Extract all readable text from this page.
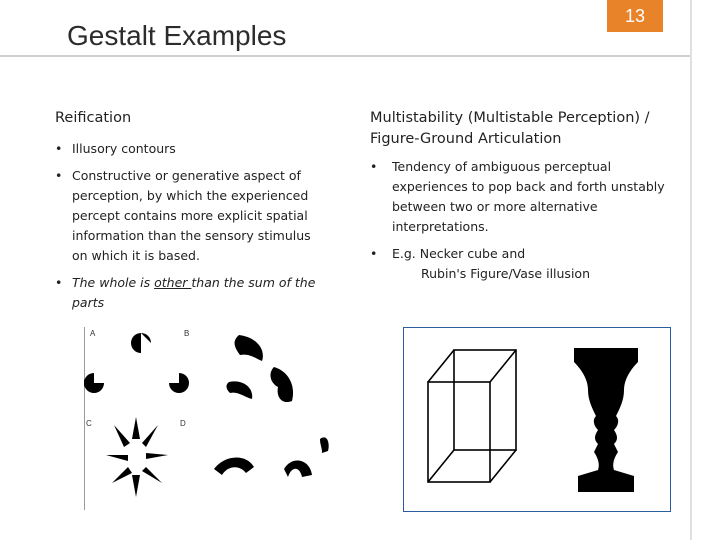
Gestalt Examples
13
Reification
• Illusory contours
• Constructive or generative aspect of perception, by which the experienced percept contains more explicit spatial information than the sensory stimulus on which it is based.
• The whole is other than the sum of the parts
Multistability (Multistable Perception) / Figure-Ground Articulation
• Tendency of ambiguous perceptual experiences to pop back and forth unstably between two or more alternative interpretations.
• E.g. Necker cube and
Rubin's Figure/Vase illusion
A	B
C	D
